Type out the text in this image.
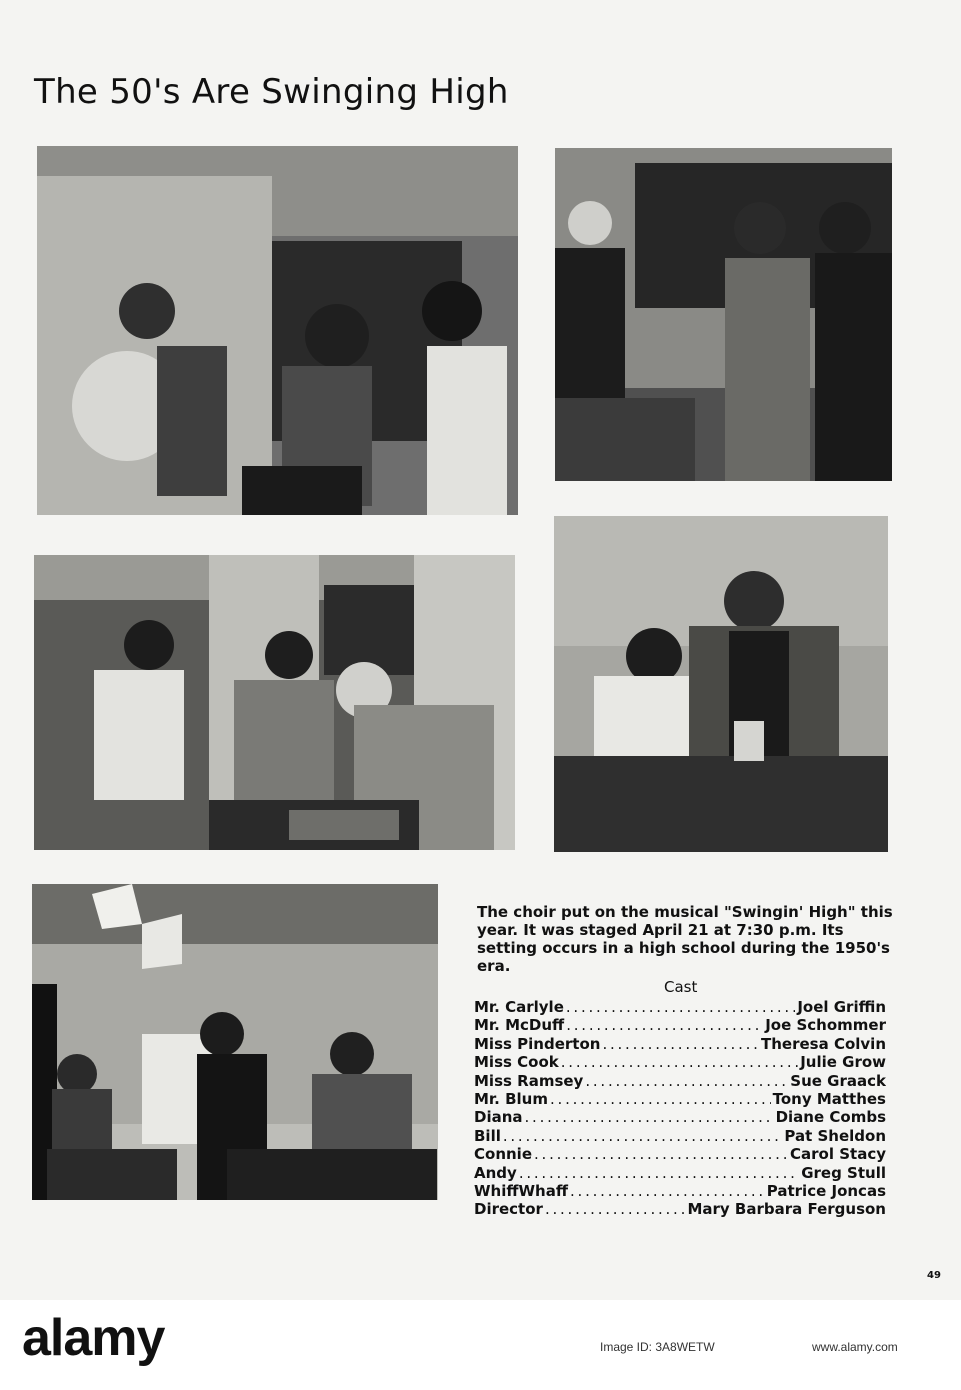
The 50's Are Swinging High

The choir put on the musical "Swingin' High" this year. It was staged April 21 at 7:30 p.m. Its setting occurs in a high school during the 1950's era.

Cast
Mr. Carlyle . . .	Joel Griffin
Mr. McDuff . . .	Joe Schommer
Miss Pinderton . . .	Theresa Colvin
Miss Cook . . .	Julie Grow
Miss Ramsey . . .	Sue Graack
Mr. Blum . . .	Tony Matthes
Diana . . .	Diane Combs
Bill . . .	Pat Sheldon
Connie . . .	Carol Stacy
Andy . . .	Greg Stull
WhiffWhaff . . .	Patrice Joncas
Director . . .	Mary Barbara Ferguson
49
alamy	Image ID: 3A8WETW	www.alamy.com
